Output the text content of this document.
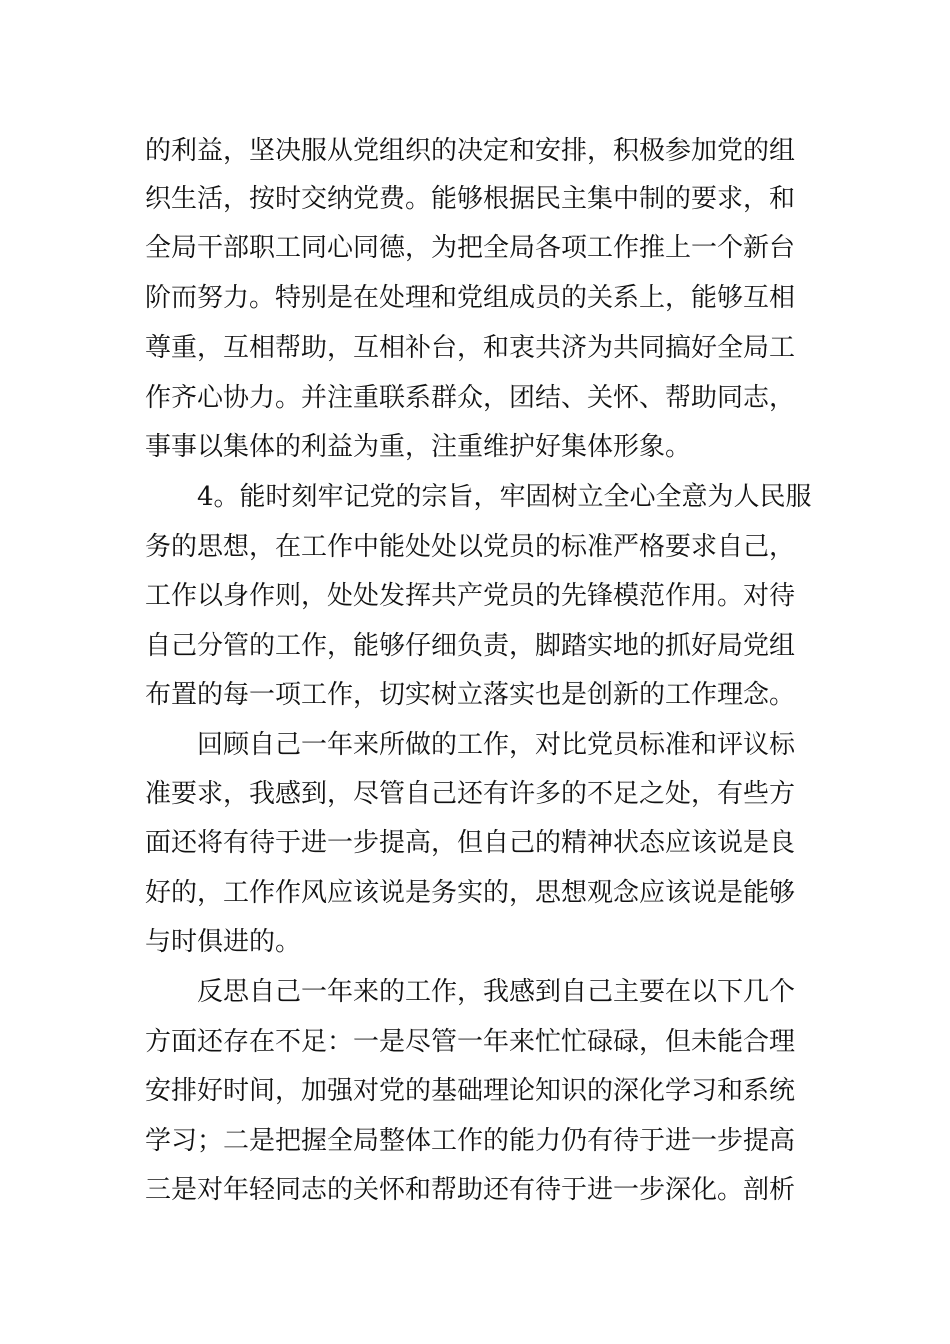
的利益，坚决服从党组织的决定和安排，积极参加党的组
织生活，按时交纳党费。能够根据民主集中制的要求，和
全局干部职工同心同德，为把全局各项工作推上一个新台
阶而努力。特别是在处理和党组成员的关系上，能够互相
尊重，互相帮助，互相补台，和衷共济为共同搞好全局工
作齐心协力。并注重联系群众，团结、关怀、帮助同志，
事事以集体的利益为重，注重维护好集体形象。
4。能时刻牢记党的宗旨，牢固树立全心全意为人民服
务的思想，在工作中能处处以党员的标准严格要求自己，
工作以身作则，处处发挥共产党员的先锋模范作用。对待
自己分管的工作，能够仔细负责，脚踏实地的抓好局党组
布置的每一项工作，切实树立落实也是创新的工作理念。
回顾自己一年来所做的工作，对比党员标准和评议标
准要求，我感到，尽管自己还有许多的不足之处，有些方
面还将有待于进一步提高，但自己的精神状态应该说是良
好的，工作作风应该说是务实的，思想观念应该说是能够
与时俱进的。
反思自己一年来的工作，我感到自己主要在以下几个
方面还存在不足：一是尽管一年来忙忙碌碌，但未能合理
安排好时间，加强对党的基础理论知识的深化学习和系统
学习；二是把握全局整体工作的能力仍有待于进一步提高
三是对年轻同志的关怀和帮助还有待于进一步深化。剖析
